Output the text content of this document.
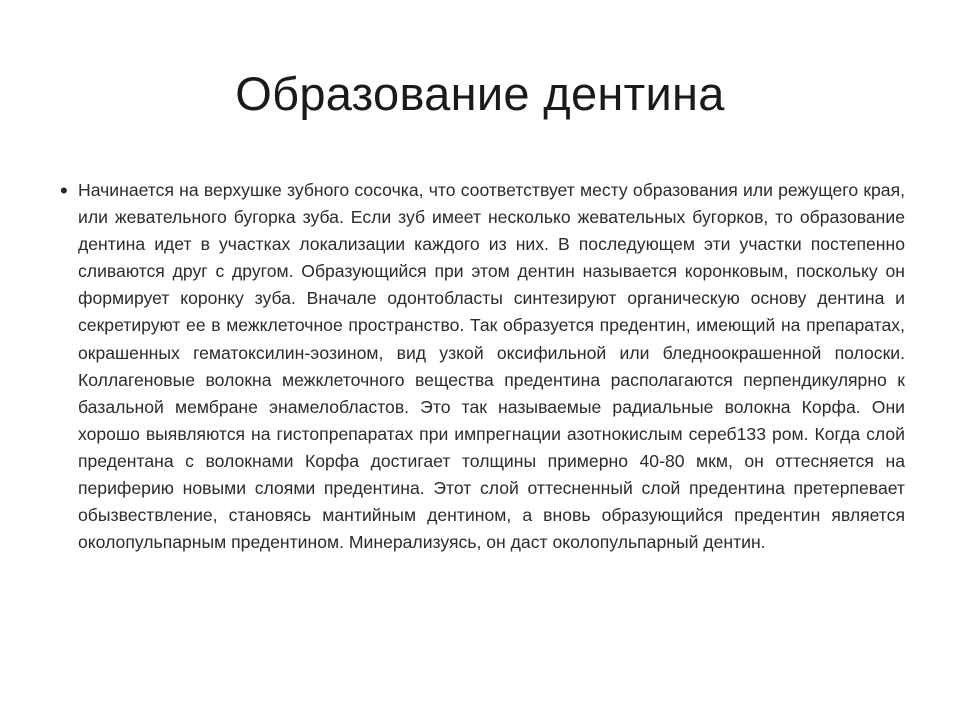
Образование дентина
• Начинается на верхушке зубного сосочка, что соответствует месту образования или режущего края, или жевательного бугорка зуба. Если зуб имеет несколько жевательных бугорков, то образование дентина идет в участках локализации каждого из них. В последующем эти участки постепенно сливаются друг с другом. Образующийся при этом дентин называется коронковым, поскольку он формирует коронку зуба. Вначале одонтобласты синтезируют органическую основу дентина и секретируют ее в межклеточное пространство. Так образуется предентин, имеющий на препаратах, окрашенных гематоксилин-эозином, вид узкой оксифильной или бледноокрашенной полоски. Коллагеновые волокна межклеточного вещества предентина располагаются перпендикулярно к базальной мембране энамелобластов. Это так называемые радиальные волокна Корфа. Они хорошо выявляются на гистопрепаратах при импрегнации азотнокислым сереб133 ром. Когда слой предентана с волокнами Корфа достигает толщины примерно 40-80 мкм, он оттесняется на периферию новыми слоями предентина. Этот слой оттесненный слой предентина претерпевает обызвествление, становясь мантийным дентином, а вновь образующийся предентин является околопульпарным предентином. Минерализуясь, он даст околопульпарный дентин.
